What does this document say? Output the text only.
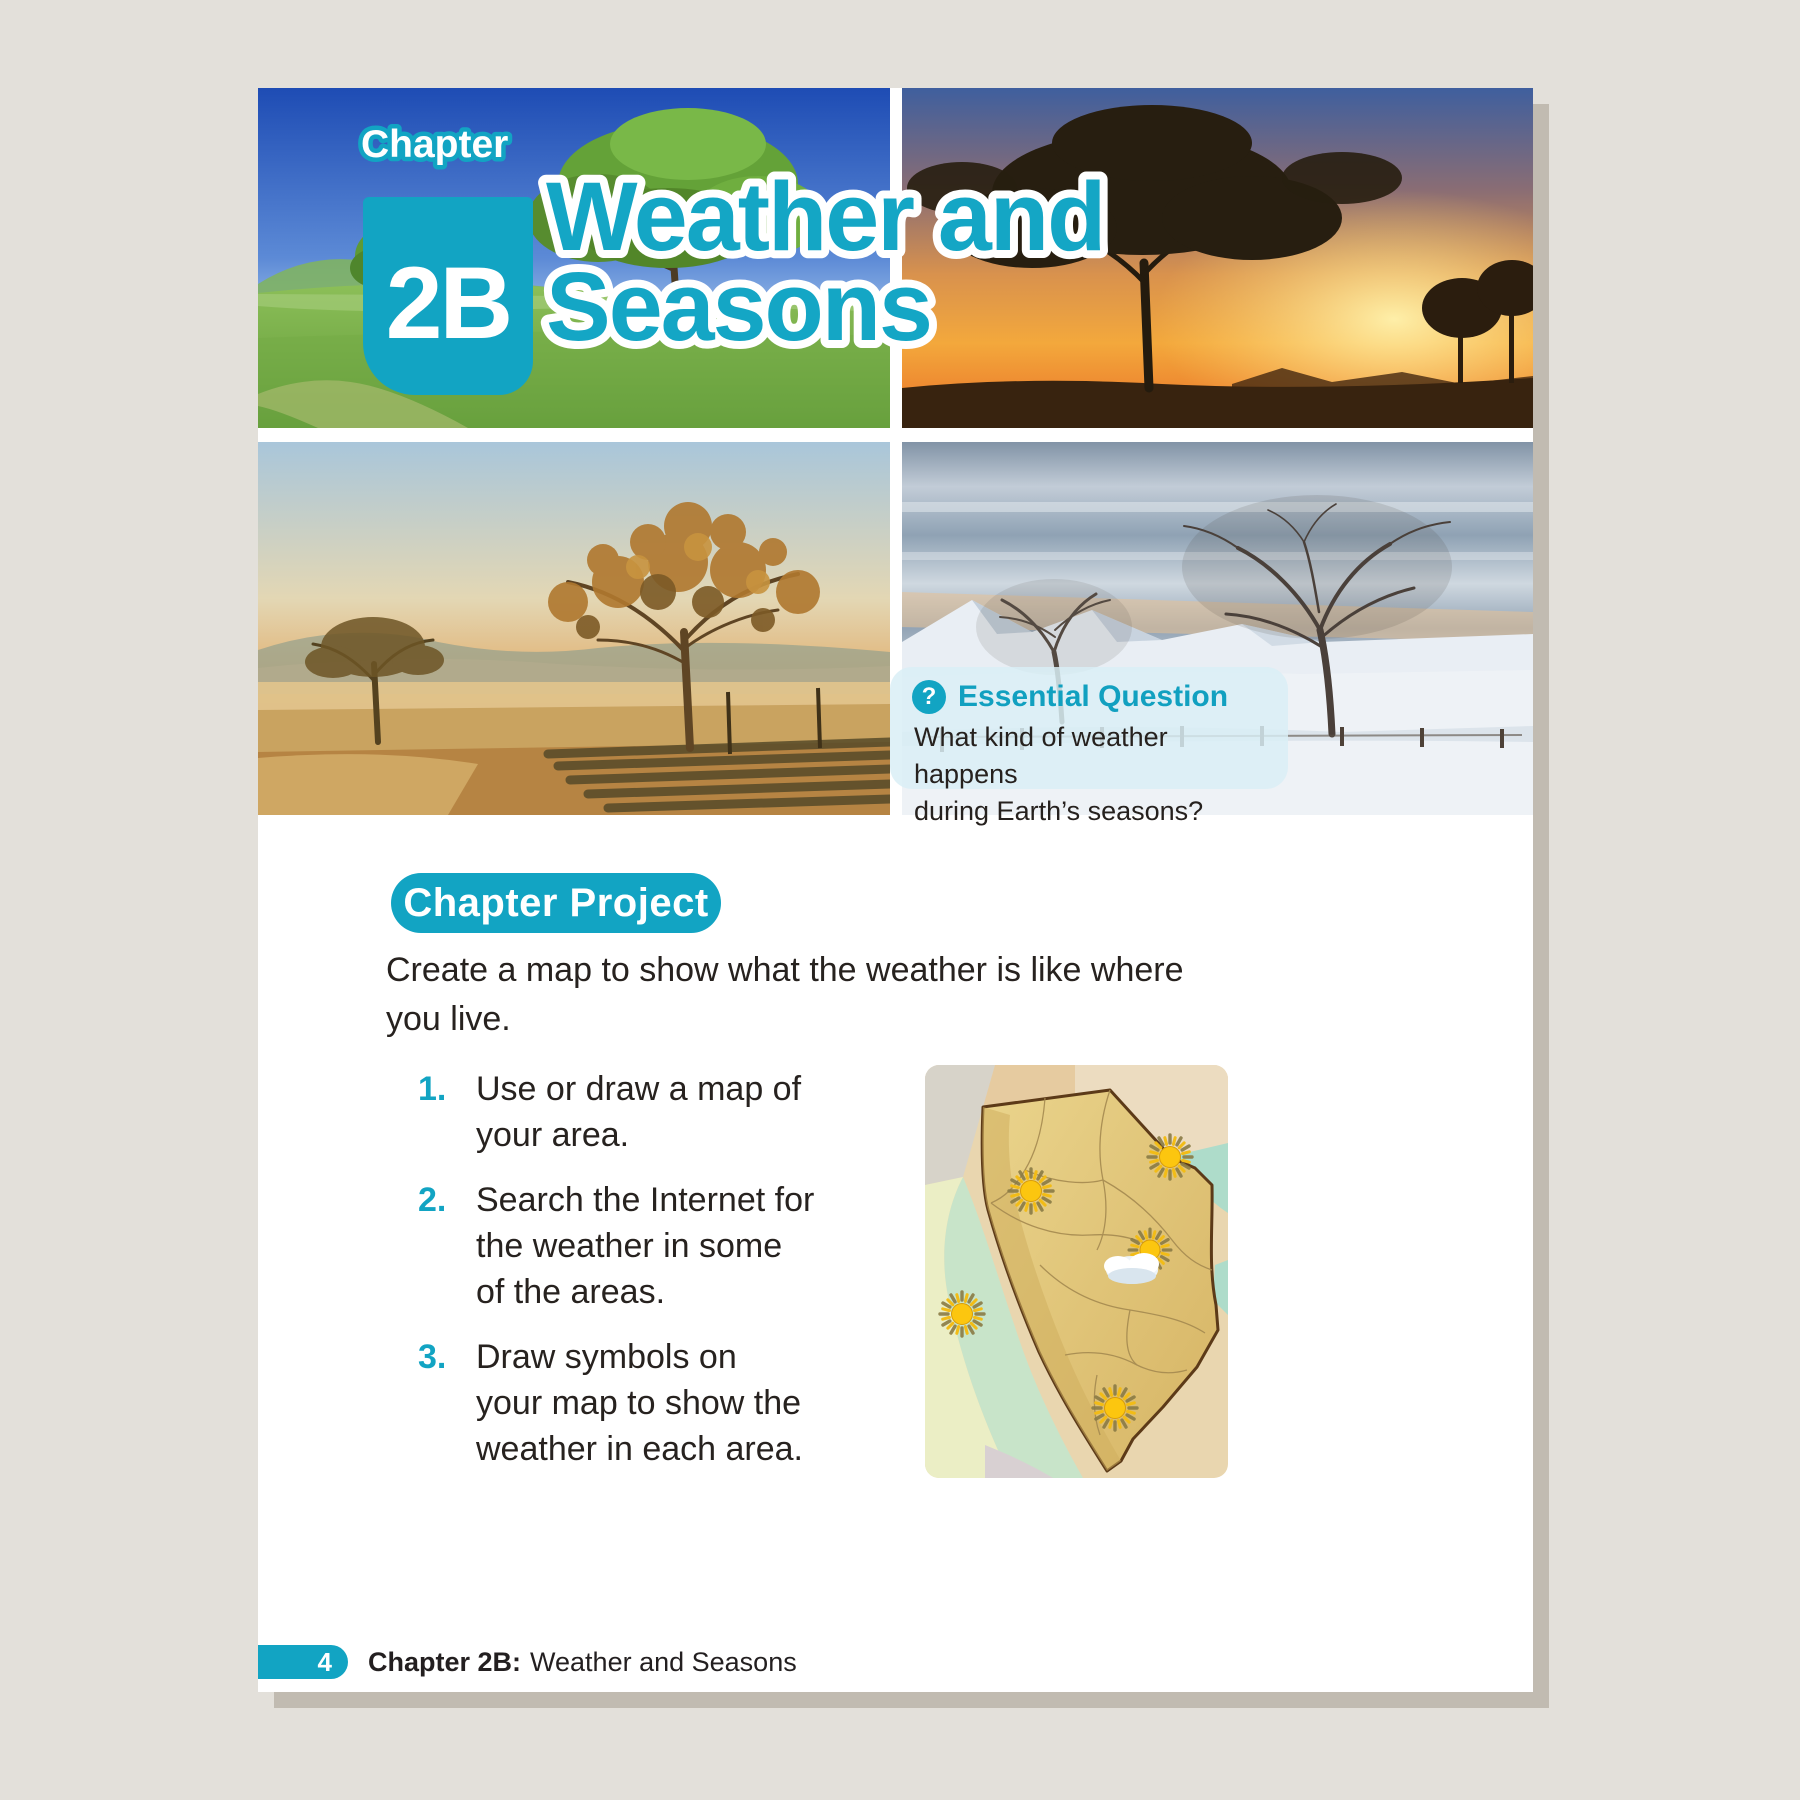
Chapter
Weather and
Seasons
2B
? Essential Question
What kind of weather happens
during Earth’s seasons?
Chapter Project
Create a map to show what the weather is like where
you live.
1. Use or draw a map of
your area.
2. Search the Internet for
the weather in some
of the areas.
3. Draw symbols on
your map to show the
weather in each area.
4 Chapter 2B: Weather and Seasons
